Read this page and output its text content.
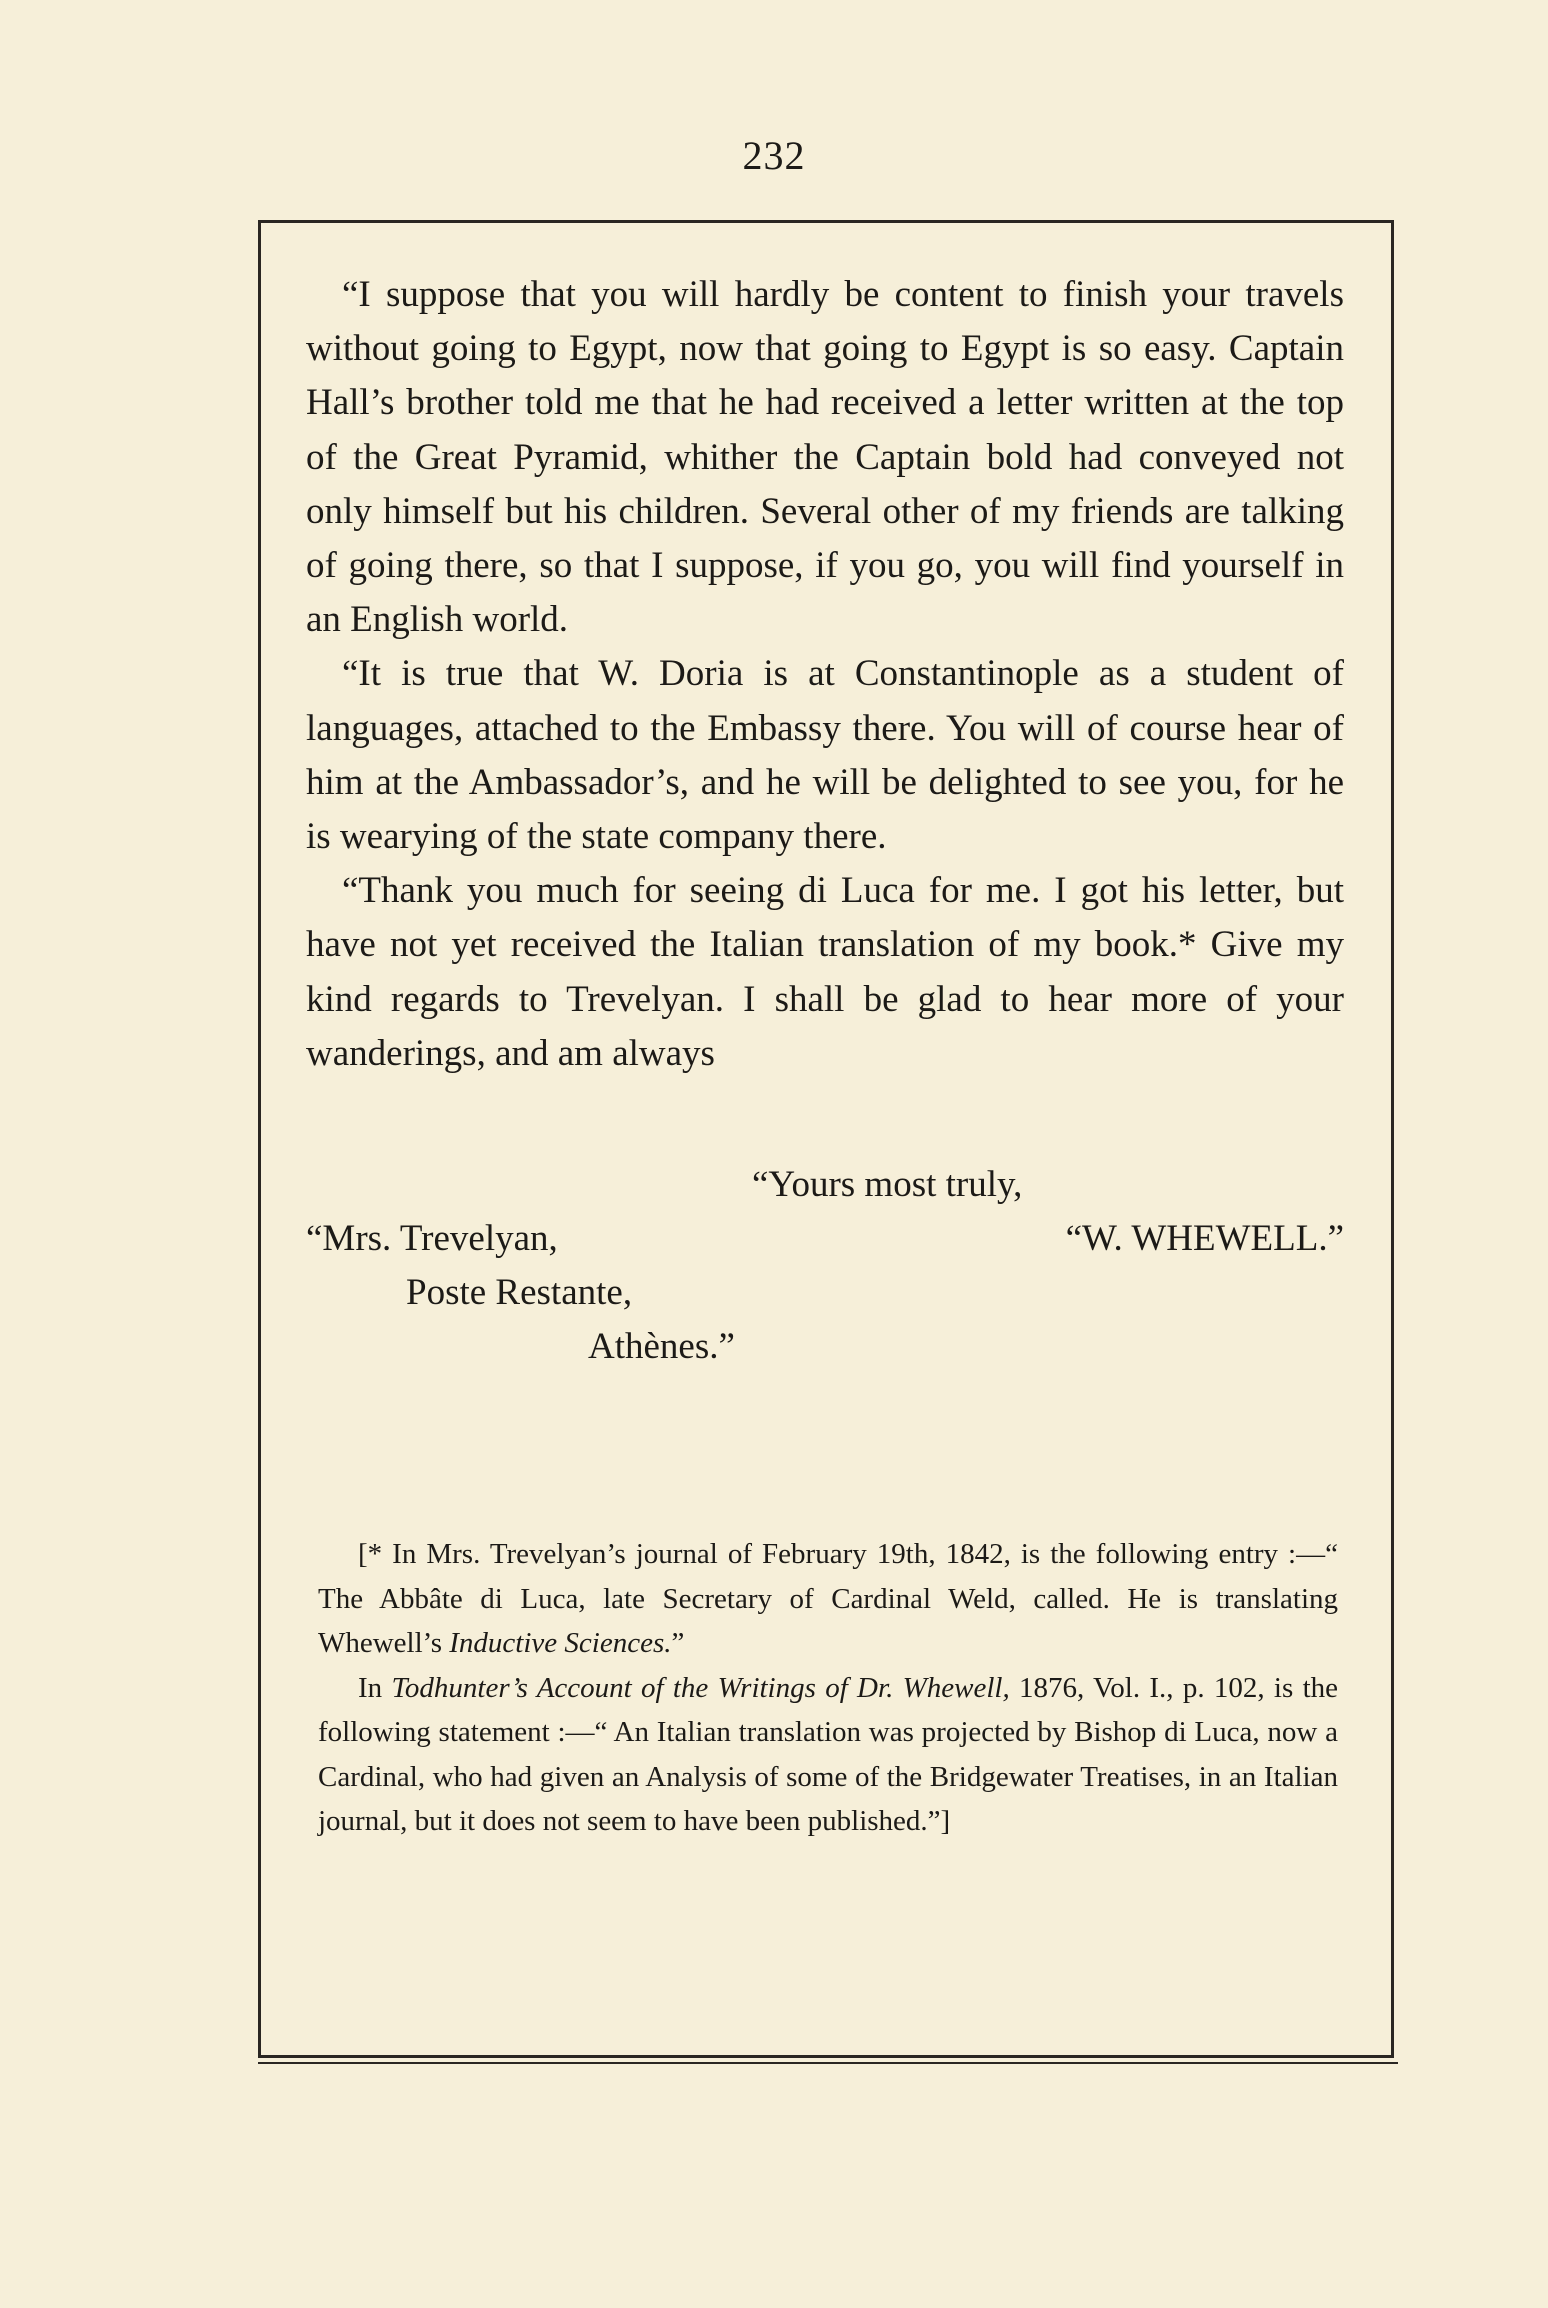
232

“I suppose that you will hardly be content to finish your travels without going to Egypt, now that going to Egypt is so easy. Captain Hall’s brother told me that he had received a letter written at the top of the Great Pyramid, whither the Captain bold had conveyed not only himself but his children. Several other of my friends are talking of going there, so that I suppose, if you go, you will find yourself in an English world.

“It is true that W. Doria is at Constantinople as a student of languages, attached to the Embassy there. You will of course hear of him at the Ambassador’s, and he will be delighted to see you, for he is wearying of the state company there.

“Thank you much for seeing di Luca for me. I got his letter, but have not yet received the Italian translation of my book.* Give my kind regards to Trevelyan. I shall be glad to hear more of your wanderings, and am always

“Yours most truly,
“Mrs. Trevelyan,	“W. WHEWELL.”
Poste Restante,
Athènes.”

[* In Mrs. Trevelyan’s journal of February 19th, 1842, is the following entry :—“ The Abbâte di Luca, late Secretary of Cardinal Weld, called. He is translating Whewell’s Inductive Sciences.”

In Todhunter’s Account of the Writings of Dr. Whewell, 1876, Vol. I., p. 102, is the following statement :—“ An Italian translation was projected by Bishop di Luca, now a Cardinal, who had given an Analysis of some of the Bridgewater Treatises, in an Italian journal, but it does not seem to have been published.”]
